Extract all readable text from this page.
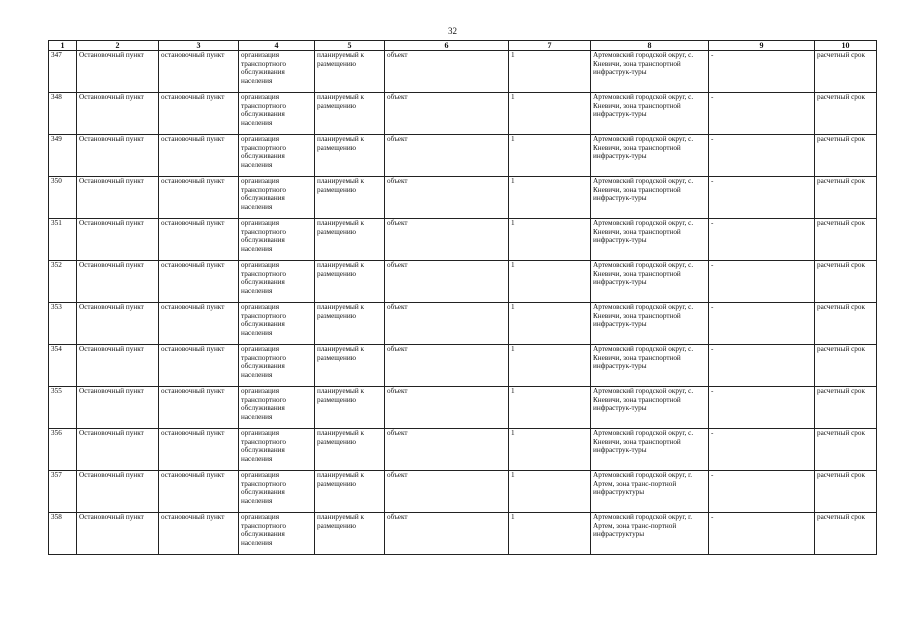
32
1	2	3	4	5	6	7	8	9	10
347	Остановочный пункт	остановочный пункт	организация транспортного обслуживания населения	планируемый к размещению	объект	1	Артемовский городской округ, с. Кневичи, зона транспортной инфраструк-туры	-	расчетный срок
348	Остановочный пункт	остановочный пункт	организация транспортного обслуживания населения	планируемый к размещению	объект	1	Артемовский городской округ, с. Кневичи, зона транспортной инфраструк-туры	-	расчетный срок
349	Остановочный пункт	остановочный пункт	организация транспортного обслуживания населения	планируемый к размещению	объект	1	Артемовский городской округ, с. Кневичи, зона транспортной инфраструк-туры	-	расчетный срок
350	Остановочный пункт	остановочный пункт	организация транспортного обслуживания населения	планируемый к размещению	объект	1	Артемовский городской округ, с. Кневичи, зона транспортной инфраструк-туры	-	расчетный срок
351	Остановочный пункт	остановочный пункт	организация транспортного обслуживания населения	планируемый к размещению	объект	1	Артемовский городской округ, с. Кневичи, зона транспортной инфраструк-туры	-	расчетный срок
352	Остановочный пункт	остановочный пункт	организация транспортного обслуживания населения	планируемый к размещению	объект	1	Артемовский городской округ, с. Кневичи, зона транспортной инфраструк-туры	-	расчетный срок
353	Остановочный пункт	остановочный пункт	организация транспортного обслуживания населения	планируемый к размещению	объект	1	Артемовский городской округ, с. Кневичи, зона транспортной инфраструк-туры	-	расчетный срок
354	Остановочный пункт	остановочный пункт	организация транспортного обслуживания населения	планируемый к размещению	объект	1	Артемовский городской округ, с. Кневичи, зона транспортной инфраструк-туры	-	расчетный срок
355	Остановочный пункт	остановочный пункт	организация транспортного обслуживания населения	планируемый к размещению	объект	1	Артемовский городской округ, с. Кневичи, зона транспортной инфраструк-туры	-	расчетный срок
356	Остановочный пункт	остановочный пункт	организация транспортного обслуживания населения	планируемый к размещению	объект	1	Артемовский городской округ, с. Кневичи, зона транспортной инфраструк-туры	-	расчетный срок
357	Остановочный пункт	остановочный пункт	организация транспортного обслуживания населения	планируемый к размещению	объект	1	Артемовский городской округ, г. Артем, зона транс-портной инфраструктуры	-	расчетный срок
358	Остановочный пункт	остановочный пункт	организация транспортного обслуживания населения	планируемый к размещению	объект	1	Артемовский городской округ, г. Артем, зона транс-портной инфраструктуры	-	расчетный срок
